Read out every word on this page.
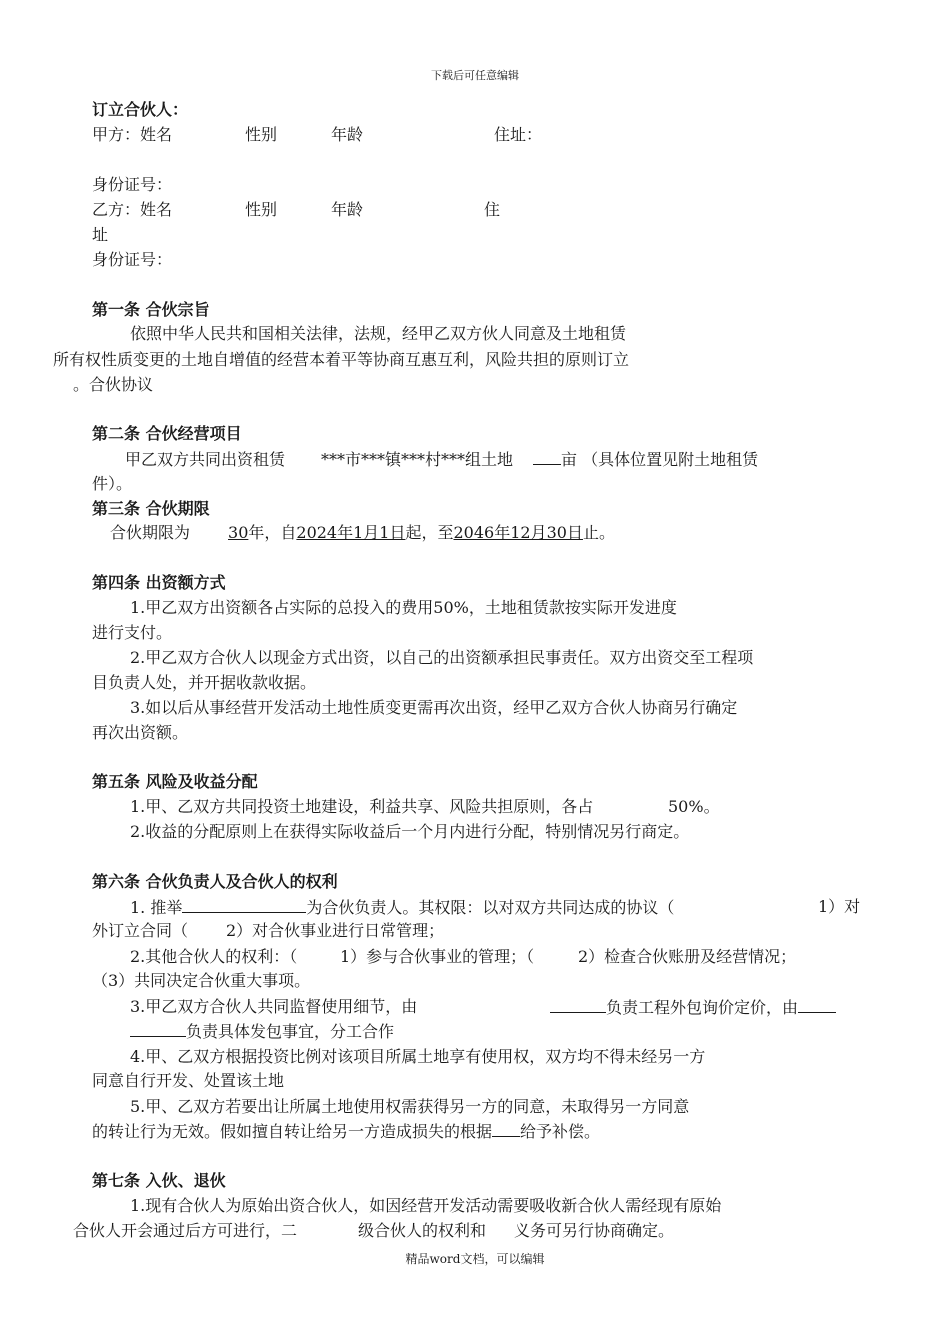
下载后可任意编辑
订立合伙人：
甲方：姓名	性别	年龄	住址：
身份证号：
乙方：姓名	性别	年龄	住
址
身份证号：
第一条 合伙宗旨
依照中华人民共和国相关法律，法规，经甲乙双方伙人同意及土地租赁
所有权性质变更的土地自增值的经营本着平等协商互惠互利，风险共担的原则订立
。合伙协议
第二条 合伙经营项目
甲乙双方共同出资租赁 ***市***镇***村***组土地	亩 （具体位置见附土地租赁
件）。
第三条 合伙期限
合伙期限为 30年，自2024年1月1日起，至2046年12月30日止。
第四条 出资额方式
1.甲乙双方出资额各占实际的总投入的费用50%，土地租赁款按实际开发进度
进行支付。
2.甲乙双方合伙人以现金方式出资，以自己的出资额承担民事责任。双方出资交至工程项
目负责人处，并开据收款收据。
3.如以后从事经营开发活动土地性质变更需再次出资，经甲乙双方合伙人协商另行确定
再次出资额。
第五条 风险及收益分配
1.甲、乙双方共同投资土地建设，利益共享、风险共担原则，各占	50%。
2.收益的分配原则上在获得实际收益后一个月内进行分配，特别情况另行商定。
第六条 合伙负责人及合伙人的权利
1. 推举	为合伙负责人。其权限：以对双方共同达成的协议（	1）对
外订立合同（ 2）对合伙事业进行日常管理；
2.其他合伙人的权利：（	1）参与合伙事业的管理；（	2）检查合伙账册及经营情况；
（3）共同决定合伙重大事项。
3.甲乙双方合伙人共同监督使用细节，由	负责工程外包询价定价，由
负责具体发包事宜，分工合作
4.甲、乙双方根据投资比例对该项目所属土地享有使用权，双方均不得未经另一方
同意自行开发、处置该土地
5.甲、乙双方若要出让所属土地使用权需获得另一方的同意，未取得另一方同意
的转让行为无效。假如擅自转让给另一方造成损失的根据 给予补偿。
第七条 入伙、退伙
1.现有合伙人为原始出资合伙人，如因经营开发活动需要吸收新合伙人需经现有原始
合伙人开会通过后方可进行，二	级合伙人的权利和 义务可另行协商确定。
精品word文档，可以编辑
